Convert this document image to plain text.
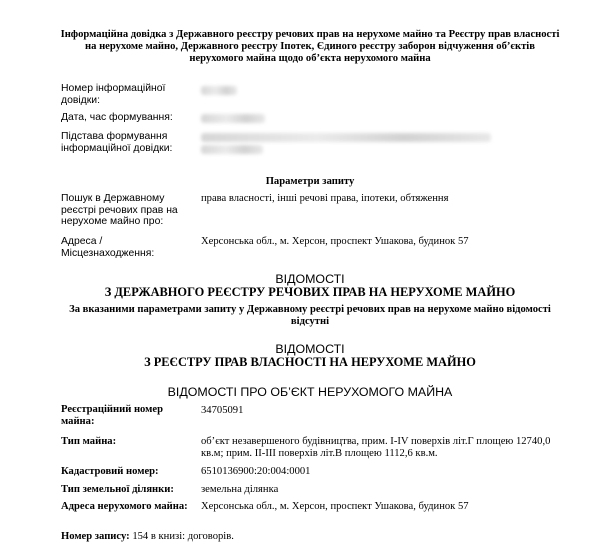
Інформаційна довідка з Державного реєстру речових прав на нерухоме майно та Реєстру прав власності на нерухоме майно, Державного реєстру Іпотек, Єдиного реєстру заборон відчуження об’єктів нерухомого майна щодо об’єкта нерухомого майна
Номер інформаційної довідки:
Дата, час формування:
Підстава формування інформаційної довідки:
Параметри запиту
Пошук в Державному реєстрі речових прав на нерухоме майно про:
права власності, інші речові права, іпотеки, обтяження
Адреса / Місцезнаходження:
Херсонська обл., м. Херсон, проспект Ушакова, будинок 57
ВІДОМОСТІ
З ДЕРЖАВНОГО РЕЄСТРУ РЕЧОВИХ ПРАВ НА НЕРУХОМЕ МАЙНО
За вказаними параметрами запиту у Державному реєстрі речових прав на нерухоме майно відомості відсутні
ВІДОМОСТІ
З РЕЄСТРУ ПРАВ ВЛАСНОСТІ НА НЕРУХОМЕ МАЙНО
ВІДОМОСТІ ПРО ОБ’ЄКТ НЕРУХОМОГО МАЙНА
Реєстраційний номер майна:
34705091
Тип майна:	об’єкт незавершеного будівництва, прим. І-ІV поверхів літ.Г площею 12740,0 кв.м; прим. ІІ-ІІІ поверхів літ.В площею 1112,6 кв.м.
Кадастровий номер:	6510136900:20:004:0001
Тип земельної ділянки:	земельна ділянка
Адреса нерухомого майна:	Херсонська обл., м. Херсон, проспект Ушакова, будинок 57
Номер запису: 154 в книзі: договорів.
